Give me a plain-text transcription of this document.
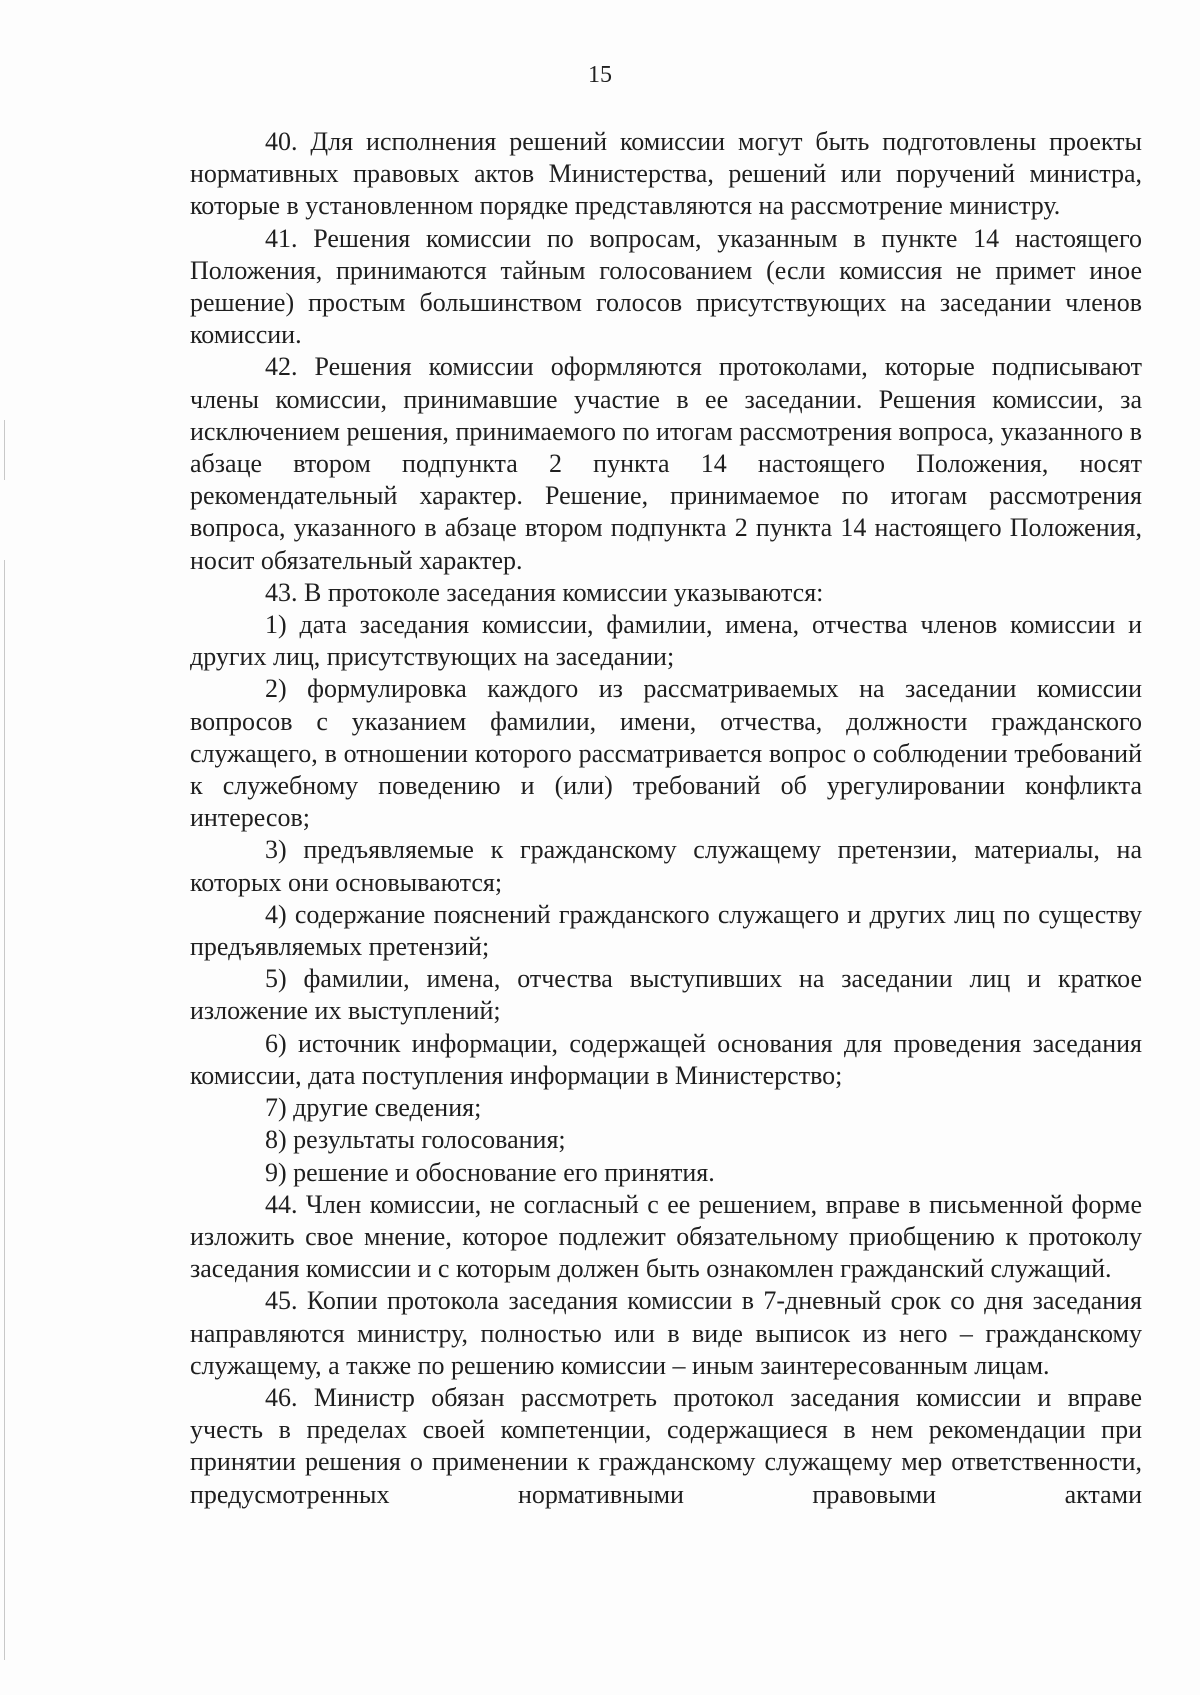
15

40. Для исполнения решений комиссии могут быть подготовлены проекты нормативных правовых актов Министерства, решений или поручений министра, которые в установленном порядке представляются на рассмотрение министру.

41. Решения комиссии по вопросам, указанным в пункте 14 настоящего Положения, принимаются тайным голосованием (если комиссия не примет иное решение) простым большинством голосов присутствующих на заседании членов комиссии.

42. Решения комиссии оформляются протоколами, которые подписывают члены комиссии, принимавшие участие в ее заседании. Решения комиссии, за исключением решения, принимаемого по итогам рассмотрения вопроса, указанного в абзаце втором подпункта 2 пункта 14 настоящего Положения, носят рекомендательный характер. Решение, принимаемое по итогам рассмотрения вопроса, указанного в абзаце втором подпункта 2 пункта 14 настоящего Положения, носит обязательный характер.

43. В протоколе заседания комиссии указываются:

1) дата заседания комиссии, фамилии, имена, отчества членов комиссии и других лиц, присутствующих на заседании;

2) формулировка каждого из рассматриваемых на заседании комиссии вопросов с указанием фамилии, имени, отчества, должности гражданского служащего, в отношении которого рассматривается вопрос о соблюдении требований к служебному поведению и (или) требований об урегулировании конфликта интересов;

3) предъявляемые к гражданскому служащему претензии, материалы, на которых они основываются;

4) содержание пояснений гражданского служащего и других лиц по существу предъявляемых претензий;

5) фамилии, имена, отчества выступивших на заседании лиц и краткое изложение их выступлений;

6) источник информации, содержащей основания для проведения заседания комиссии, дата поступления информации в Министерство;

7) другие сведения;

8) результаты голосования;

9) решение и обоснование его принятия.

44. Член комиссии, не согласный с ее решением, вправе в письменной форме изложить свое мнение, которое подлежит обязательному приобщению к протоколу заседания комиссии и с которым должен быть ознакомлен гражданский служащий.

45. Копии протокола заседания комиссии в 7-дневный срок со дня заседания направляются министру, полностью или в виде выписок из него – гражданскому служащему, а также по решению комиссии – иным заинтересованным лицам.

46. Министр обязан рассмотреть протокол заседания комиссии и вправе учесть в пределах своей компетенции, содержащиеся в нем рекомендации при принятии решения о применении к гражданскому служащему мер ответственности, предусмотренных нормативными правовыми актами
